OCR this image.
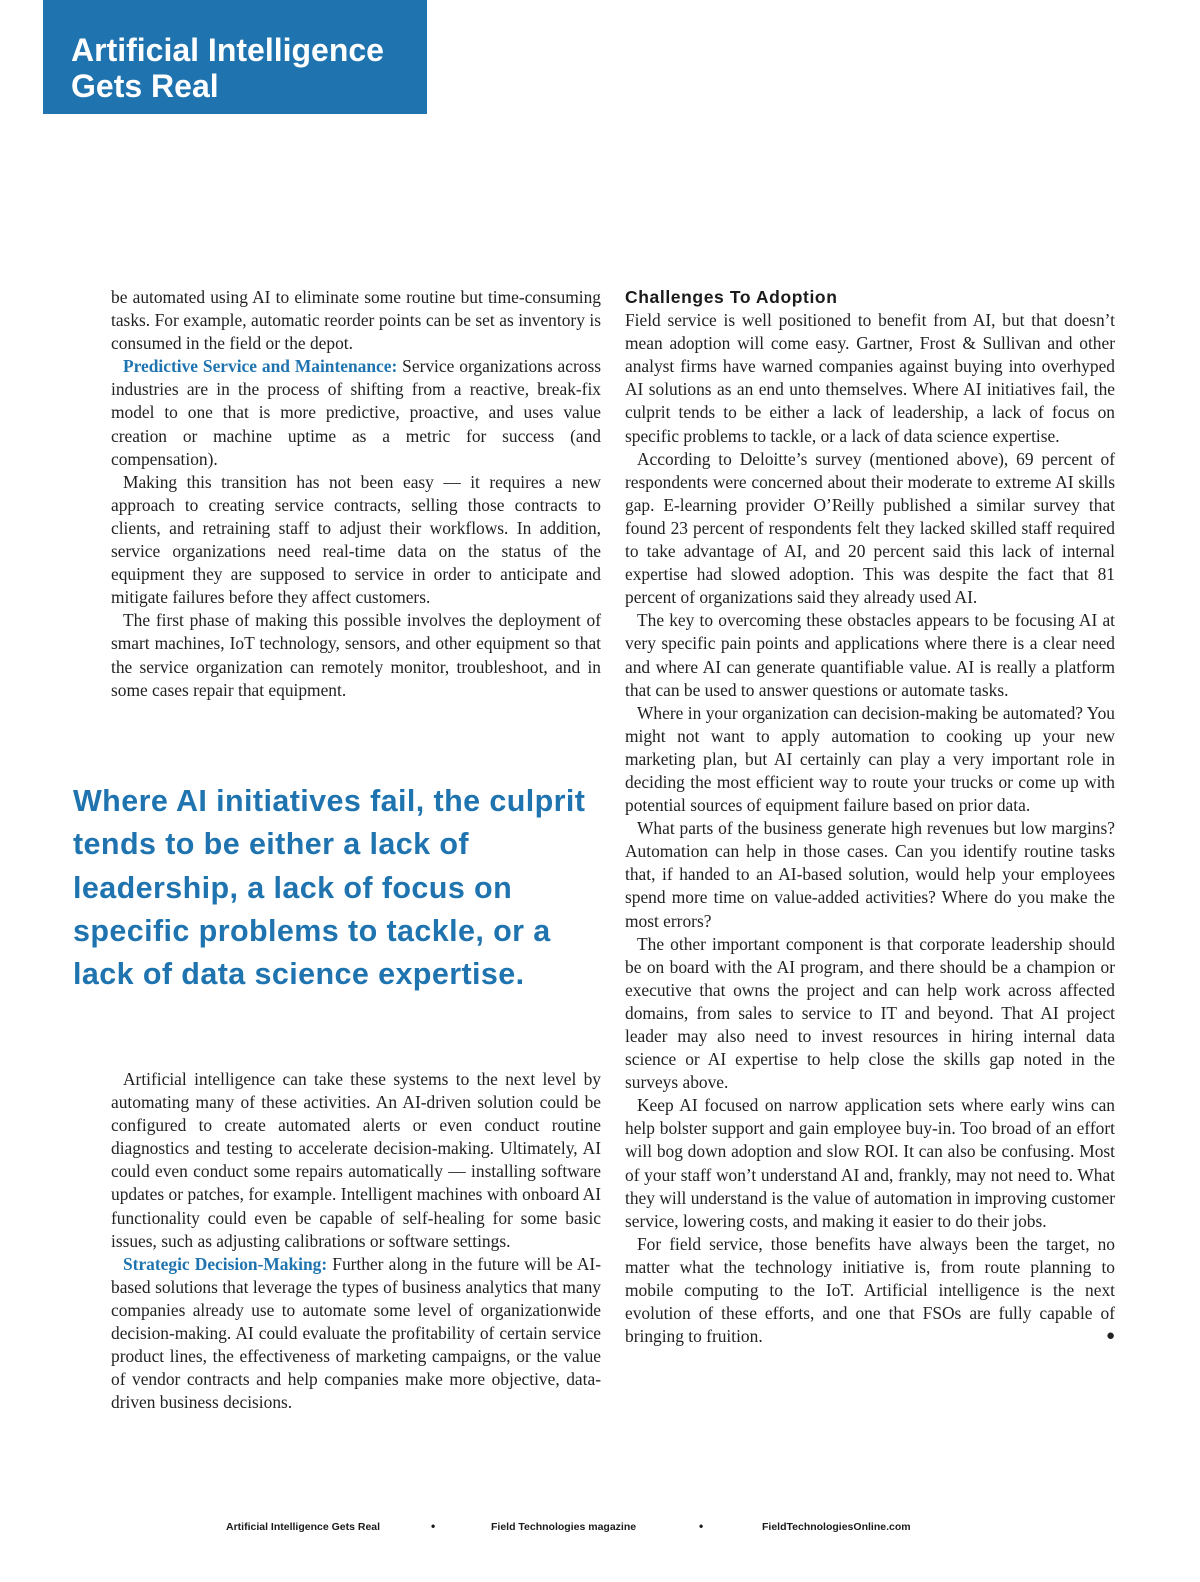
Artificial Intelligence
Gets Real

be automated using AI to eliminate some routine but time-consuming tasks. For example, automatic reorder points can be set as inventory is consumed in the field or the depot.

Predictive Service and Maintenance: Service organizations across industries are in the process of shifting from a reactive, break-fix model to one that is more predictive, proactive, and uses value creation or machine uptime as a metric for success (and compensation).

Making this transition has not been easy — it requires a new approach to creating service contracts, selling those contracts to clients, and retraining staff to adjust their workflows. In addition, service organizations need real-time data on the status of the equipment they are supposed to service in order to anticipate and mitigate failures before they affect customers.

The first phase of making this possible involves the deployment of smart machines, IoT technology, sensors, and other equipment so that the service organization can remotely monitor, troubleshoot, and in some cases repair that equipment.

Where AI initiatives fail, the culprit tends to be either a lack of leadership, a lack of focus on specific problems to tackle, or a lack of data science expertise.

Artificial intelligence can take these systems to the next level by automating many of these activities. An AI-driven solution could be configured to create automated alerts or even conduct routine diagnostics and testing to accelerate decision-making. Ultimately, AI could even conduct some repairs automatically — installing software updates or patches, for example. Intelligent machines with onboard AI functionality could even be capable of self-healing for some basic issues, such as adjusting calibrations or software settings.

Strategic Decision-Making: Further along in the future will be AI-based solutions that leverage the types of business analytics that many companies already use to automate some level of organizationwide decision-making. AI could evaluate the profitability of certain service product lines, the effectiveness of marketing campaigns, or the value of vendor contracts and help companies make more objective, data-driven business decisions.

Challenges To Adoption

Field service is well positioned to benefit from AI, but that doesn’t mean adoption will come easy. Gartner, Frost & Sullivan and other analyst firms have warned companies against buying into overhyped AI solutions as an end unto themselves. Where AI initiatives fail, the culprit tends to be either a lack of leadership, a lack of focus on specific problems to tackle, or a lack of data science expertise.

According to Deloitte’s survey (mentioned above), 69 percent of respondents were concerned about their moderate to extreme AI skills gap. E-learning provider O’Reilly published a similar survey that found 23 percent of respondents felt they lacked skilled staff required to take advantage of AI, and 20 percent said this lack of internal expertise had slowed adoption. This was despite the fact that 81 percent of organizations said they already used AI.

The key to overcoming these obstacles appears to be focusing AI at very specific pain points and applications where there is a clear need and where AI can generate quantifiable value. AI is really a platform that can be used to answer questions or automate tasks.

Where in your organization can decision-making be automated? You might not want to apply automation to cooking up your new marketing plan, but AI certainly can play a very important role in deciding the most efficient way to route your trucks or come up with potential sources of equipment failure based on prior data.

What parts of the business generate high revenues but low margins? Automation can help in those cases. Can you identify routine tasks that, if handed to an AI-based solution, would help your employees spend more time on value-added activities? Where do you make the most errors?

The other important component is that corporate leadership should be on board with the AI program, and there should be a champion or executive that owns the project and can help work across affected domains, from sales to service to IT and beyond. That AI project leader may also need to invest resources in hiring internal data science or AI expertise to help close the skills gap noted in the surveys above.

Keep AI focused on narrow application sets where early wins can help bolster support and gain employee buy-in. Too broad of an effort will bog down adoption and slow ROI. It can also be confusing. Most of your staff won’t understand AI and, frankly, may not need to. What they will understand is the value of automation in improving customer service, lowering costs, and making it easier to do their jobs.

For field service, those benefits have always been the target, no matter what the technology initiative is, from route planning to mobile computing to the IoT. Artificial intelligence is the next evolution of these efforts, and one that FSOs are fully capable of bringing to fruition.	●

Artificial Intelligence Gets Real	•	Field Technologies magazine	•	FieldTechnologiesOnline.com
